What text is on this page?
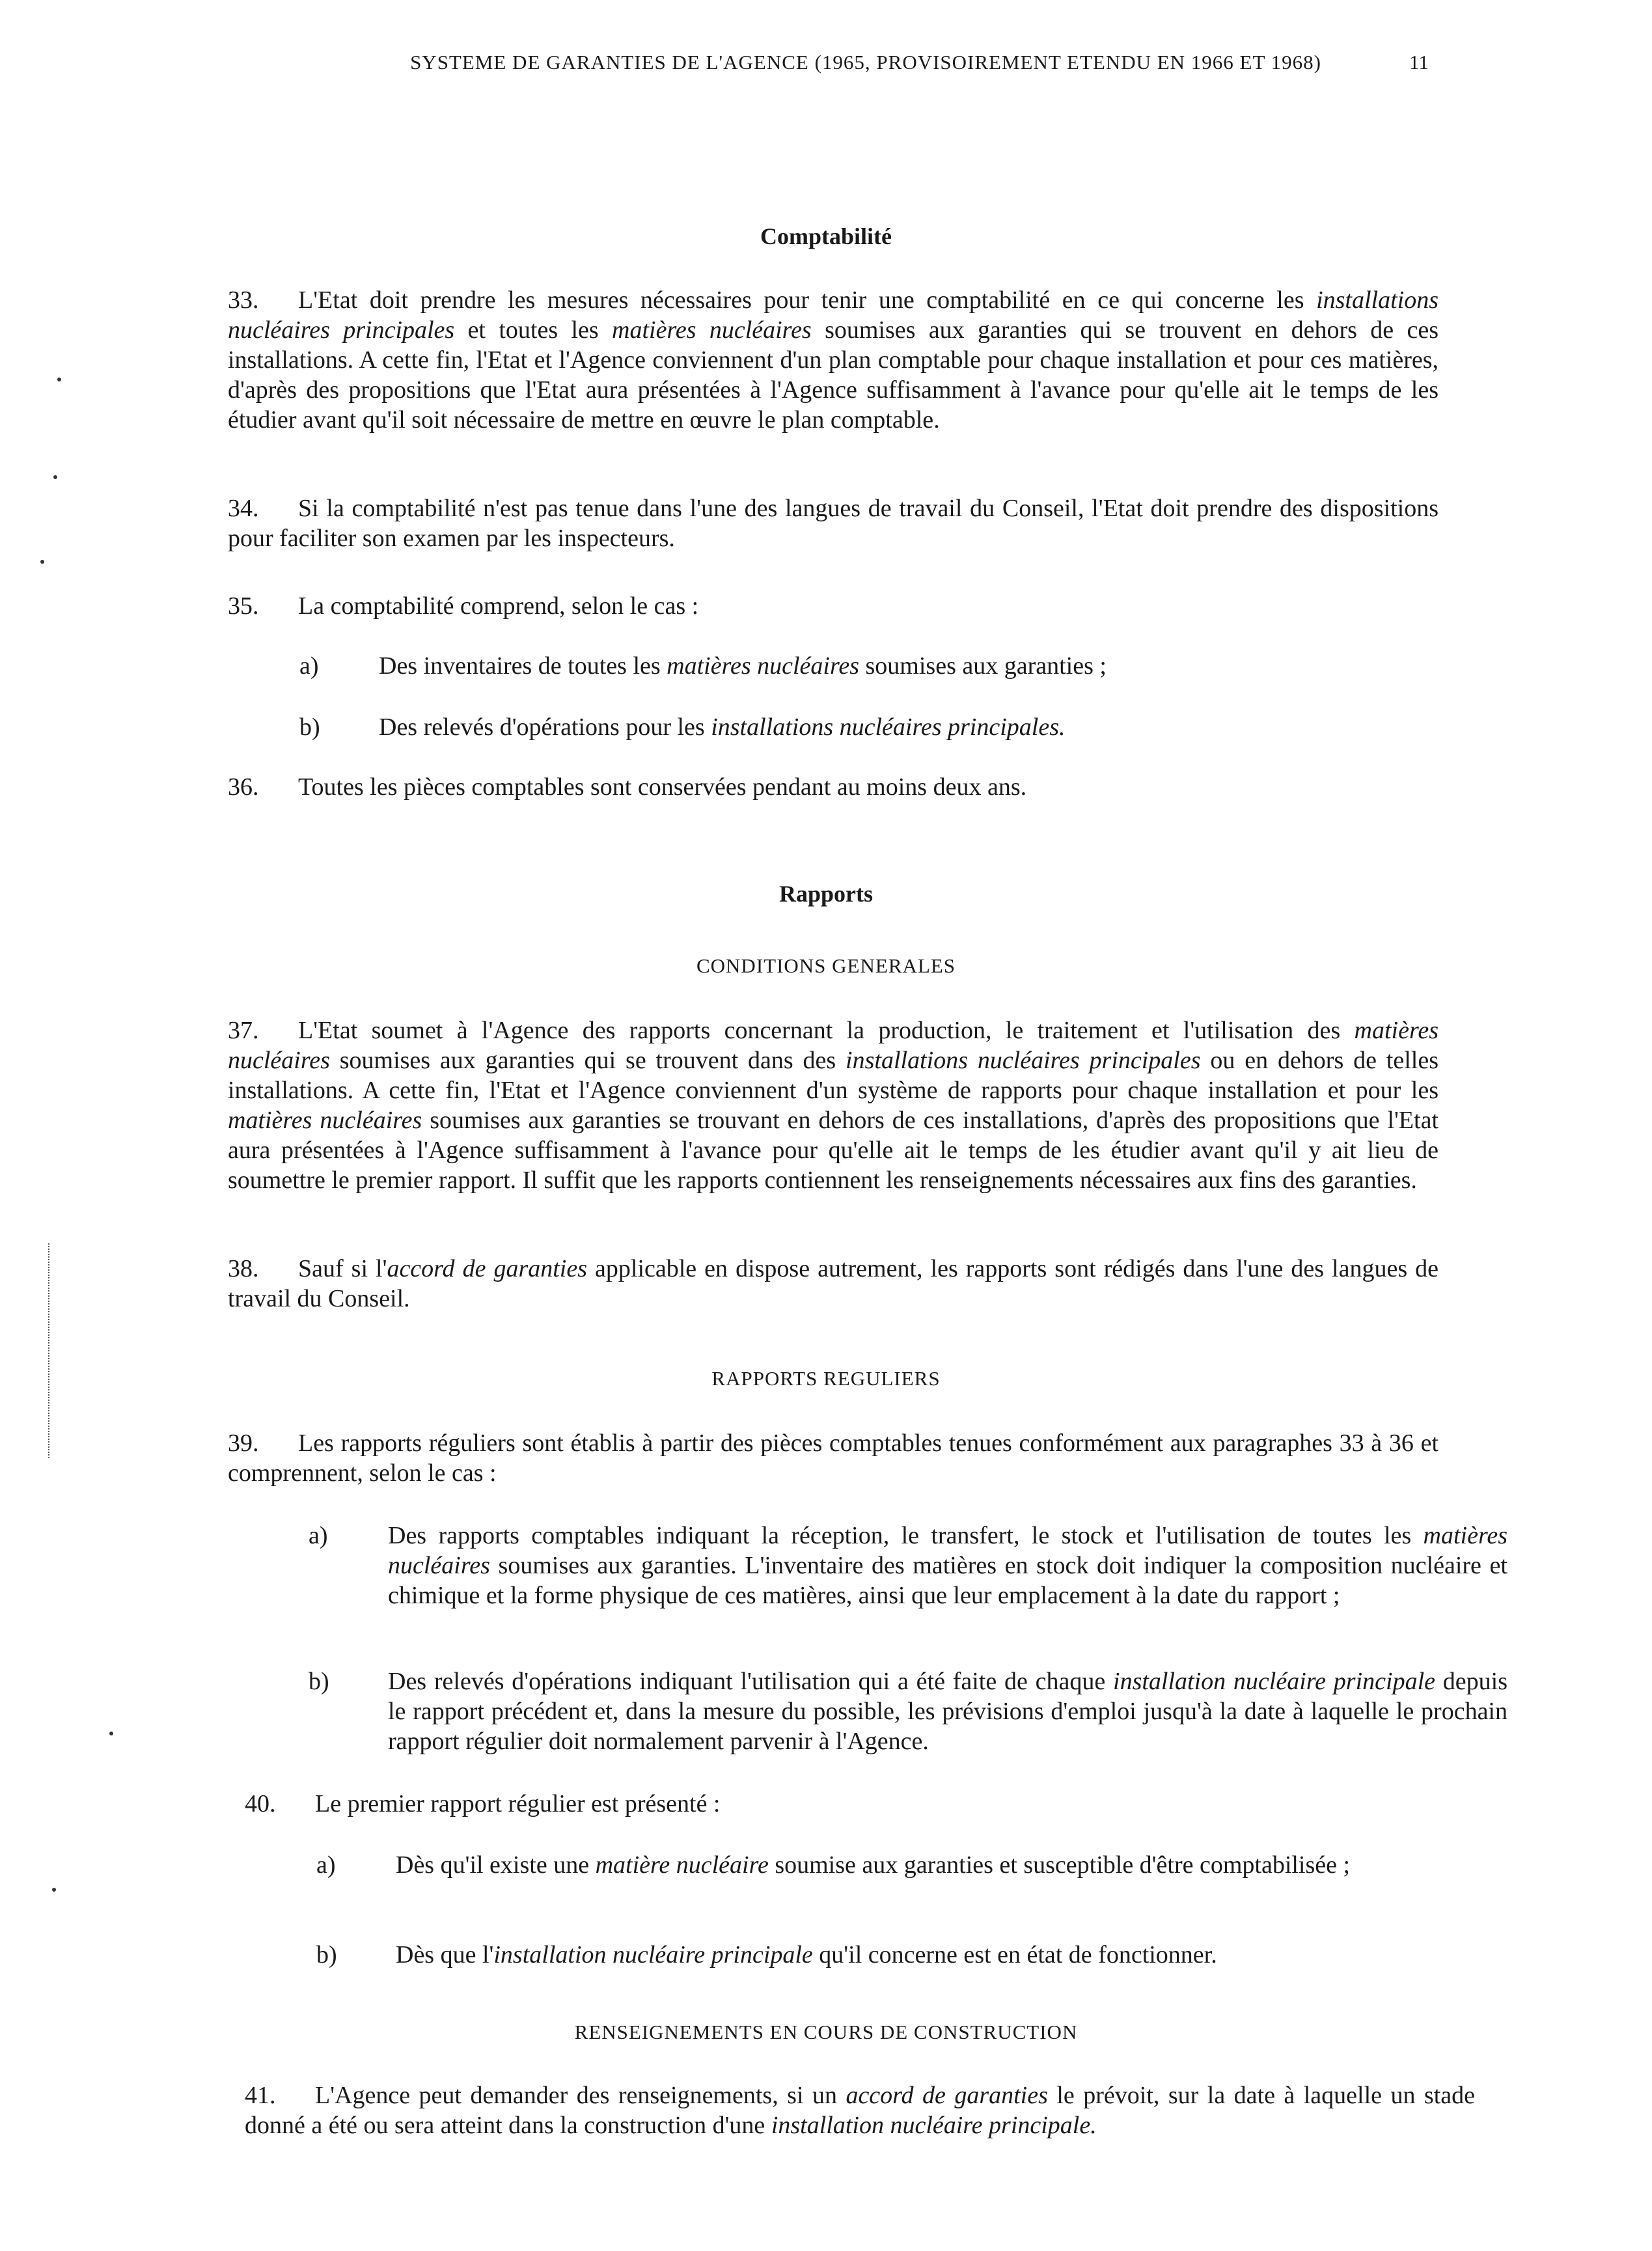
SYSTEME DE GARANTIES DE L'AGENCE (1965, PROVISOIREMENT ETENDU EN 1966 ET 1968)	11
Comptabilité
33. L'Etat doit prendre les mesures nécessaires pour tenir une comptabilité en ce qui concerne les installations nucléaires principales et toutes les matières nucléaires soumises aux garanties qui se trouvent en dehors de ces installations. A cette fin, l'Etat et l'Agence conviennent d'un plan comptable pour chaque installation et pour ces matières, d'après des propositions que l'Etat aura présentées à l'Agence suffisamment à l'avance pour qu'elle ait le temps de les étudier avant qu'il soit nécessaire de mettre en œuvre le plan comptable.
34. Si la comptabilité n'est pas tenue dans l'une des langues de travail du Conseil, l'Etat doit prendre des dispositions pour faciliter son examen par les inspecteurs.
35. La comptabilité comprend, selon le cas :
a) Des inventaires de toutes les matières nucléaires soumises aux garanties ;
b) Des relevés d'opérations pour les installations nucléaires principales.
36. Toutes les pièces comptables sont conservées pendant au moins deux ans.
Rapports
CONDITIONS GENERALES
37. L'Etat soumet à l'Agence des rapports concernant la production, le traitement et l'utilisation des matières nucléaires soumises aux garanties qui se trouvent dans des installations nucléaires principales ou en dehors de telles installations. A cette fin, l'Etat et l'Agence conviennent d'un système de rapports pour chaque installation et pour les matières nucléaires soumises aux garanties se trouvant en dehors de ces installations, d'après des propositions que l'Etat aura présentées à l'Agence suffisamment à l'avance pour qu'elle ait le temps de les étudier avant qu'il y ait lieu de soumettre le premier rapport. Il suffit que les rapports contiennent les renseignements nécessaires aux fins des garanties.
38. Sauf si l'accord de garanties applicable en dispose autrement, les rapports sont rédigés dans l'une des langues de travail du Conseil.
RAPPORTS REGULIERS
39. Les rapports réguliers sont établis à partir des pièces comptables tenues conformément aux paragraphes 33 à 36 et comprennent, selon le cas :
a) Des rapports comptables indiquant la réception, le transfert, le stock et l'utilisation de toutes les matières nucléaires soumises aux garanties. L'inventaire des matières en stock doit indiquer la composition nucléaire et chimique et la forme physique de ces matières, ainsi que leur emplacement à la date du rapport ;
b) Des relevés d'opérations indiquant l'utilisation qui a été faite de chaque installation nucléaire principale depuis le rapport précédent et, dans la mesure du possible, les prévisions d'emploi jusqu'à la date à laquelle le prochain rapport régulier doit normalement parvenir à l'Agence.
40. Le premier rapport régulier est présenté :
a) Dès qu'il existe une matière nucléaire soumise aux garanties et susceptible d'être comptabilisée ;
b) Dès que l'installation nucléaire principale qu'il concerne est en état de fonctionner.
RENSEIGNEMENTS EN COURS DE CONSTRUCTION
41. L'Agence peut demander des renseignements, si un accord de garanties le prévoit, sur la date à laquelle un stade donné a été ou sera atteint dans la construction d'une installation nucléaire principale.
